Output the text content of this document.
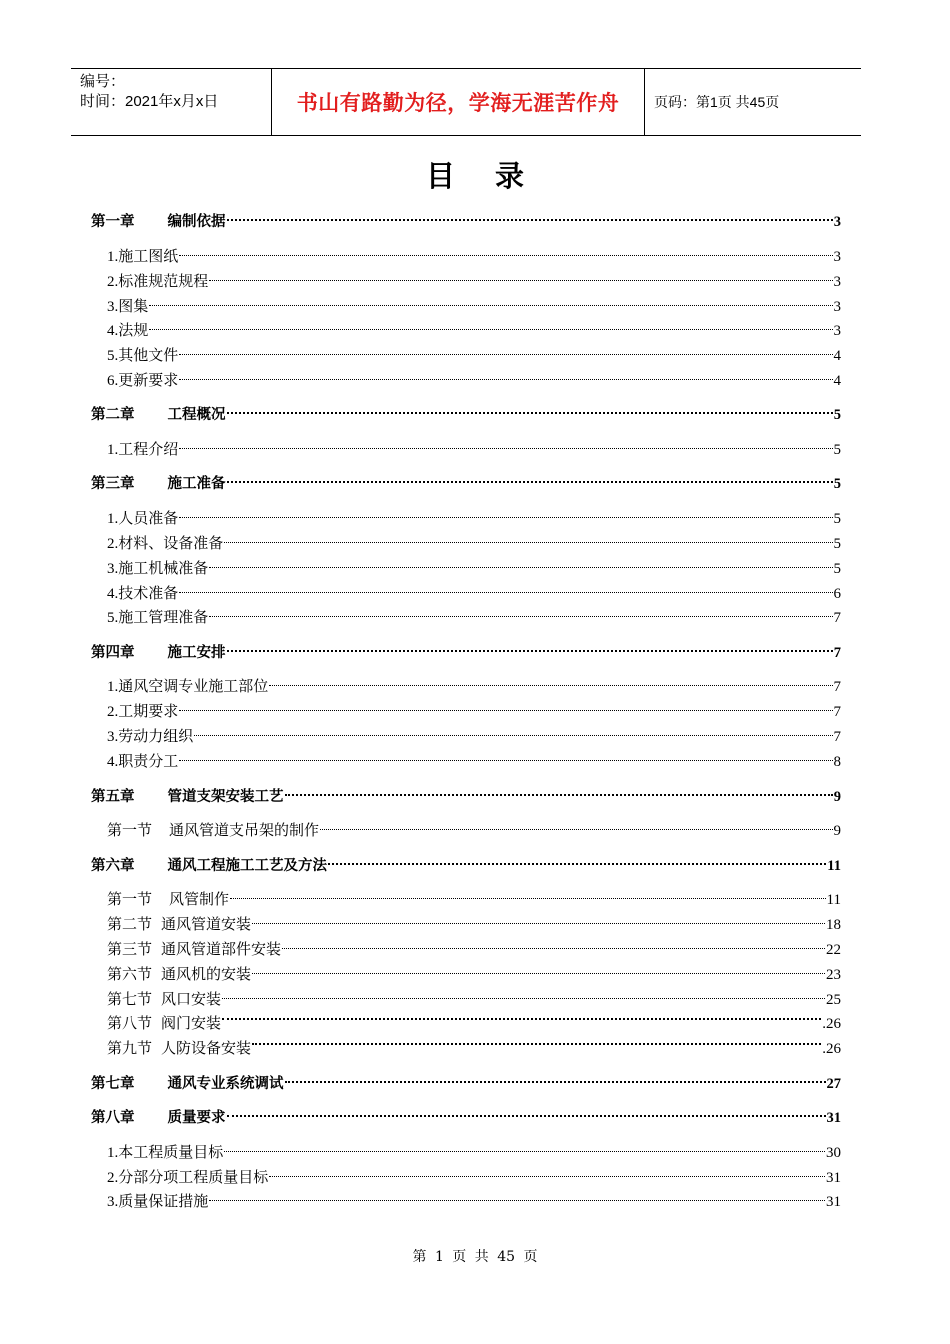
编号：
时间：2021年x月x日	书山有路勤为径，学海无涯苦作舟	页码：第1页 共45页
目录
第一章 编制依据	3
1.施工图纸	3
2.标准规范规程	3
3.图集	3
4.法规	3
5.其他文件	4
6.更新要求	4
第二章 工程概况	5
1.工程介绍	5
第三章 施工准备	5
1.人员准备	5
2.材料、设备准备	5
3.施工机械准备	5
4.技术准备	6
5.施工管理准备	7
第四章 施工安排	7
1.通风空调专业施工部位	7
2.工期要求	7
3.劳动力组织	7
4.职责分工	8
第五章 管道支架安装工艺	9
第一节 通风管道支吊架的制作	9
第六章 通风工程施工工艺及方法	11
第一节 风管制作	11
第二节 通风管道安装	18
第三节 通风管道部件安装	22
第六节 通风机的安装	23
第七节 风口安装	25
第八节 阀门安装	.26
第九节 人防设备安装	.26
第七章 通风专业系统调试	27
第八章 质量要求	31
1.本工程质量目标	30
2.分部分项工程质量目标	31
3.质量保证措施	31
第 1 页 共 45 页
